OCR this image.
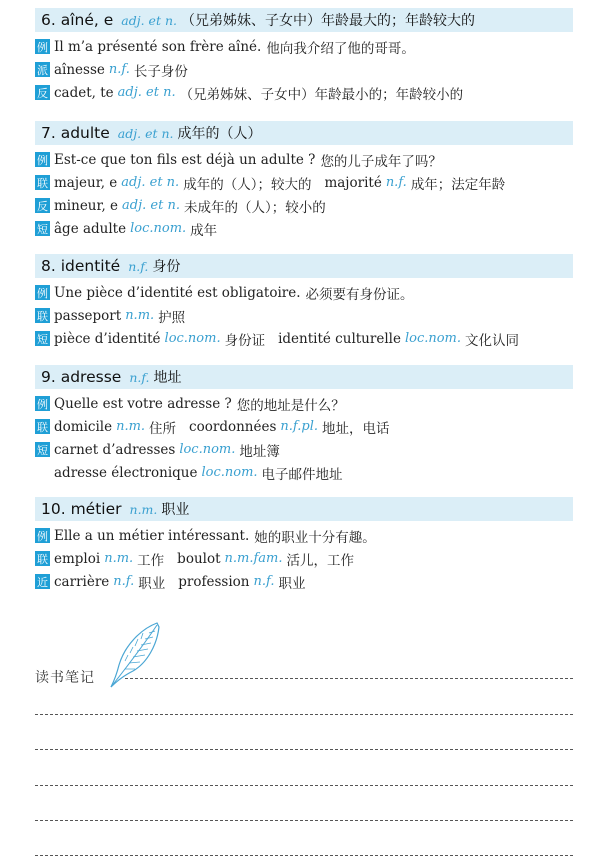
6. aîné, e adj. et n. （兄弟姊妹、子女中）年龄最大的；年龄较大的
例 Il m’a présenté son frère aîné. 他向我介绍了他的哥哥。
派 aînesse n.f. 长子身份
反 cadet, te adj. et n. （兄弟姊妹、子女中）年龄最小的；年龄较小的
7. adulte adj. et n. 成年的（人）
例 Est-ce que ton fils est déjà un adulte ? 您的儿子成年了吗？
联 majeur, e adj. et n. 成年的（人）；较大的 majorité n.f. 成年；法定年龄
反 mineur, e adj. et n. 未成年的（人）；较小的
短 âge adulte loc.nom. 成年
8. identité n.f. 身份
例 Une pièce d’identité est obligatoire. 必须要有身份证。
联 passeport n.m. 护照
短 pièce d’identité loc.nom. 身份证 identité culturelle loc.nom. 文化认同
9. adresse n.f. 地址
例 Quelle est votre adresse ? 您的地址是什么？
联 domicile n.m. 住所 coordonnées n.f.pl. 地址，电话
短 carnet d’adresses loc.nom. 地址簿
adresse électronique loc.nom. 电子邮件地址
10. métier n.m. 职业
例 Elle a un métier intéressant. 她的职业十分有趣。
联 emploi n.m. 工作 boulot n.m.fam. 活儿，工作
近 carrière n.f. 职业 profession n.f. 职业
读书笔记
